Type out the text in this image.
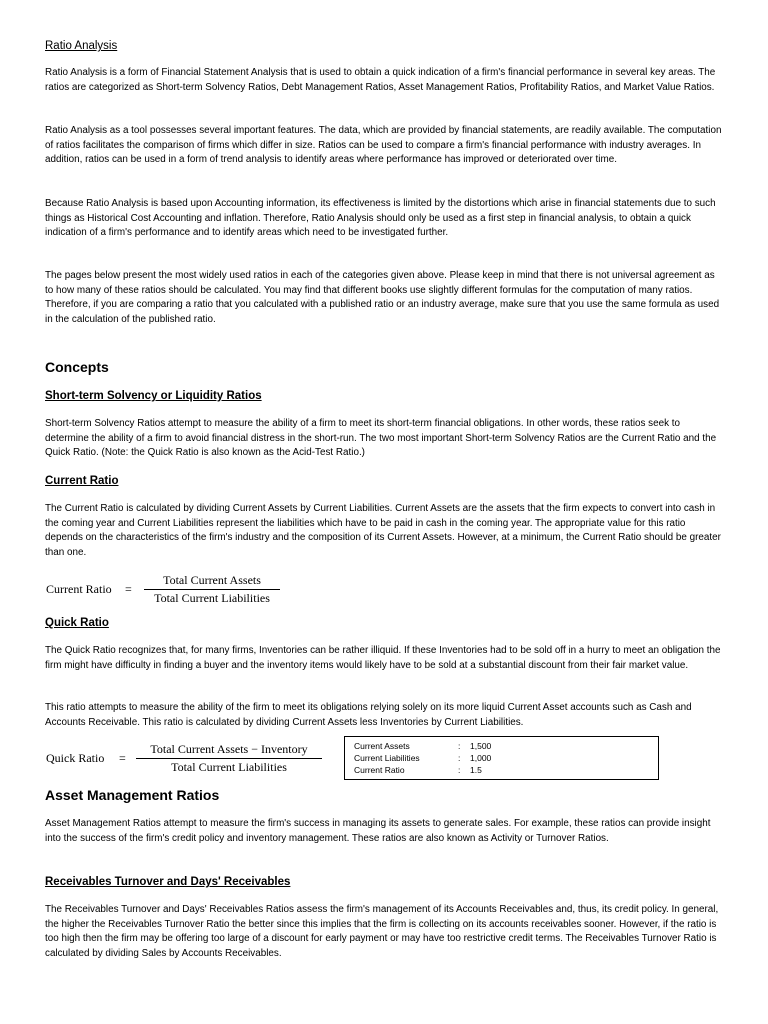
Ratio Analysis
Ratio Analysis is a form of Financial Statement Analysis that is used to obtain a quick indication of a firm's financial performance in several key areas. The ratios are categorized as Short-term Solvency Ratios, Debt Management Ratios, Asset Management Ratios, Profitability Ratios, and Market Value Ratios.
Ratio Analysis as a tool possesses several important features. The data, which are provided by financial statements, are readily available. The computation of ratios facilitates the comparison of firms which differ in size. Ratios can be used to compare a firm's financial performance with industry averages. In addition, ratios can be used in a form of trend analysis to identify areas where performance has improved or deteriorated over time.
Because Ratio Analysis is based upon Accounting information, its effectiveness is limited by the distortions which arise in financial statements due to such things as Historical Cost Accounting and inflation. Therefore, Ratio Analysis should only be used as a first step in financial analysis, to obtain a quick indication of a firm's performance and to identify areas which need to be investigated further.
The pages below present the most widely used ratios in each of the categories given above. Please keep in mind that there is not universal agreement as to how many of these ratios should be calculated. You may find that different books use slightly different formulas for the computation of many ratios. Therefore, if you are comparing a ratio that you calculated with a published ratio or an industry average, make sure that you use the same formula as used in the calculation of the published ratio.
Concepts
Short-term Solvency or Liquidity Ratios
Short-term Solvency Ratios attempt to measure the ability of a firm to meet its short-term financial obligations. In other words, these ratios seek to determine the ability of a firm to avoid financial distress in the short-run. The two most important Short-term Solvency Ratios are the Current Ratio and the Quick Ratio. (Note: the Quick Ratio is also known as the Acid-Test Ratio.)
Current Ratio
The Current Ratio is calculated by dividing Current Assets by Current Liabilities. Current Assets are the assets that the firm expects to convert into cash in the coming year and Current Liabilities represent the liabilities which have to be paid in cash in the coming year. The appropriate value for this ratio depends on the characteristics of the firm's industry and the composition of its Current Assets. However, at a minimum, the Current Ratio should be greater than one.
Current Ratio =
Total Current Assets
Total Current Liabilities
Quick Ratio
The Quick Ratio recognizes that, for many firms, Inventories can be rather illiquid. If these Inventories had to be sold off in a hurry to meet an obligation the firm might have difficulty in finding a buyer and the inventory items would likely have to be sold at a substantial discount from their fair market value.
This ratio attempts to measure the ability of the firm to meet its obligations relying solely on its more liquid Current Asset accounts such as Cash and Accounts Receivable. This ratio is calculated by dividing Current Assets less Inventories by Current Liabilities.
Quick Ratio =
Total Current Assets − Inventory
Total Current Liabilities
Current Assets	: 1,500
Current Liabilities	: 1,000
Current Ratio	: 1.5
Asset Management Ratios
Asset Management Ratios attempt to measure the firm's success in managing its assets to generate sales. For example, these ratios can provide insight into the success of the firm's credit policy and inventory management. These ratios are also known as Activity or Turnover Ratios.
Receivables Turnover and Days' Receivables
The Receivables Turnover and Days' Receivables Ratios assess the firm's management of its Accounts Receivables and, thus, its credit policy. In general, the higher the Receivables Turnover Ratio the better since this implies that the firm is collecting on its accounts receivables sooner. However, if the ratio is too high then the firm may be offering too large of a discount for early payment or may have too restrictive credit terms. The Receivables Turnover Ratio is calculated by dividing Sales by Accounts Receivables.
